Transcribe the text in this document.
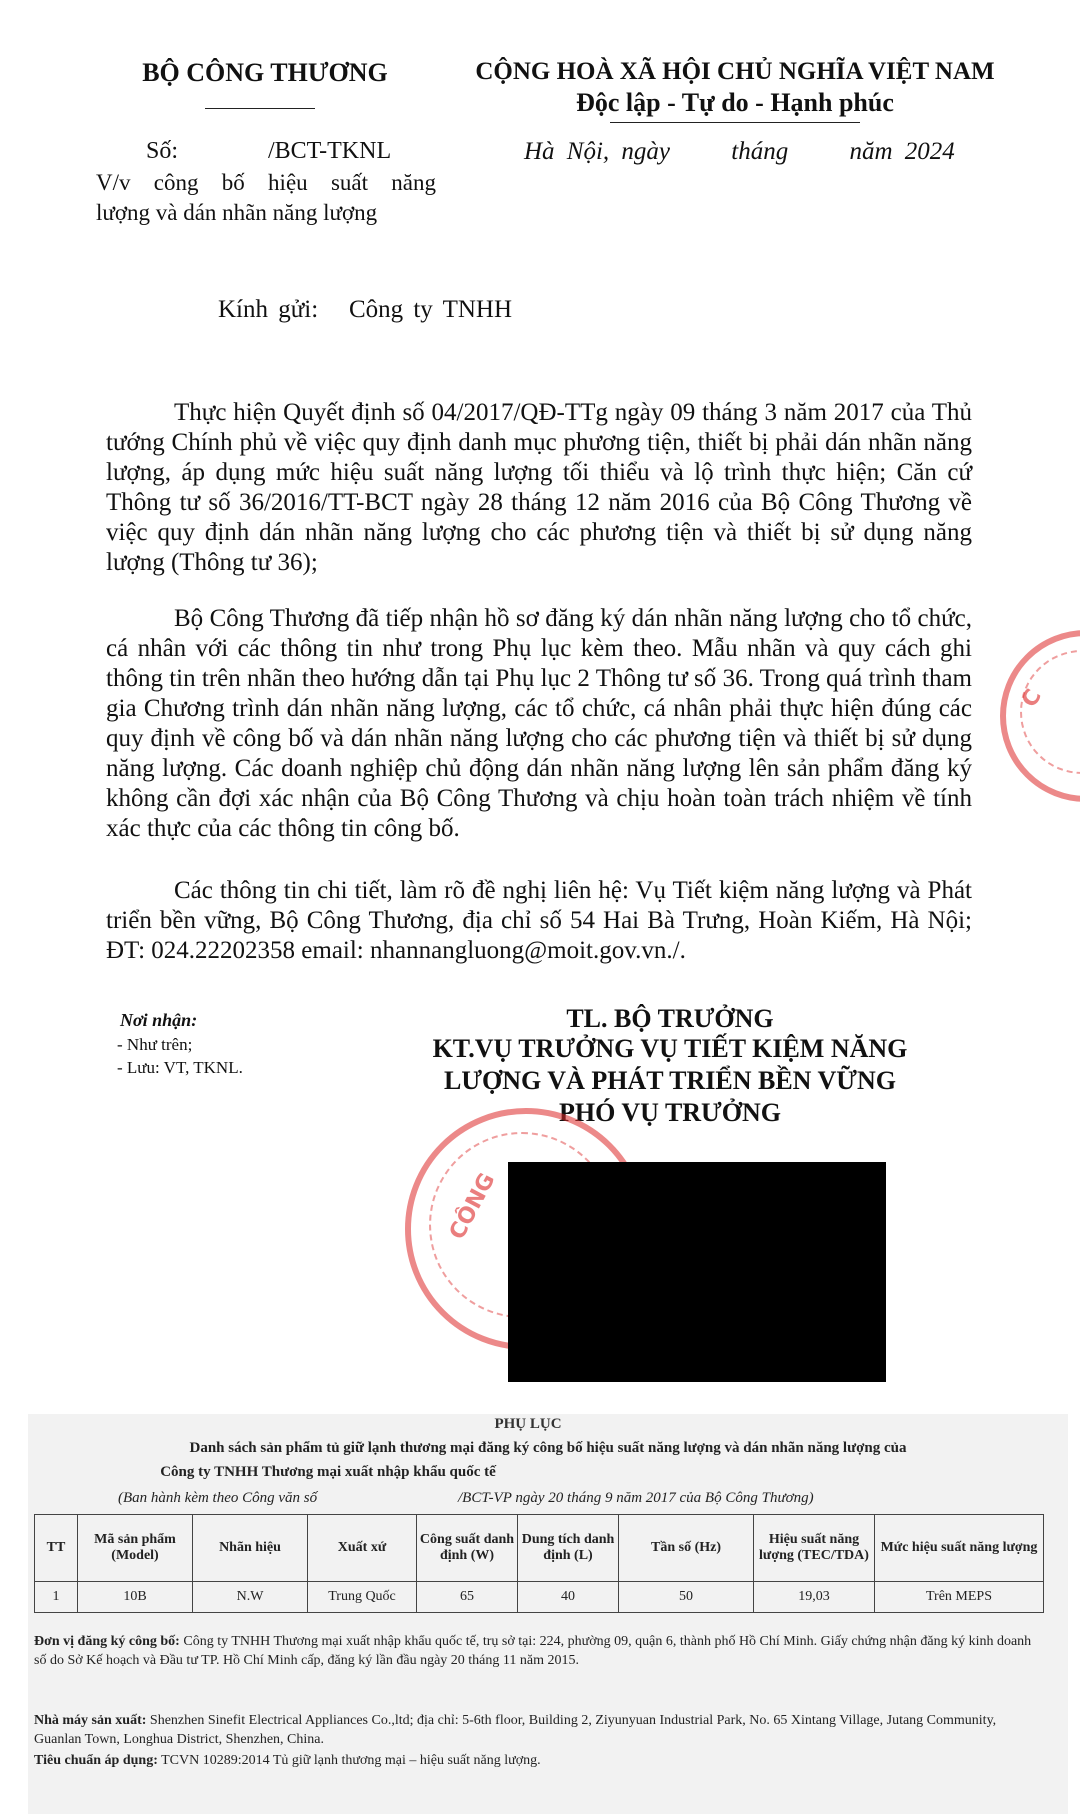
BỘ CÔNG THƯƠNG	CỘNG HOÀ XÃ HỘI CHỦ NGHĨA VIỆT NAM
Độc lập - Tự do - Hạnh phúc
Số:	/BCT-TKNL	Hà Nội, ngày     tháng     năm 2024
V/v công bố hiệu suất năng
lượng và dán nhãn năng lượng
Kính gửi:   Công ty TNHH
Thực hiện Quyết định số 04/2017/QĐ-TTg ngày 09 tháng 3 năm 2017 của Thủ tướng Chính phủ về việc quy định danh mục phương tiện, thiết bị phải dán nhãn năng lượng, áp dụng mức hiệu suất năng lượng tối thiểu và lộ trình thực hiện; Căn cứ Thông tư số 36/2016/TT-BCT ngày 28 tháng 12 năm 2016 của Bộ Công Thương về việc quy định dán nhãn năng lượng cho các phương tiện và thiết bị sử dụng năng lượng (Thông tư 36);
Bộ Công Thương đã tiếp nhận hồ sơ đăng ký dán nhãn năng lượng cho tổ chức, cá nhân với các thông tin như trong Phụ lục kèm theo. Mẫu nhãn và quy cách ghi thông tin trên nhãn theo hướng dẫn tại Phụ lục 2 Thông tư số 36. Trong quá trình tham gia Chương trình dán nhãn năng lượng, các tổ chức, cá nhân phải thực hiện đúng các quy định về công bố và dán nhãn năng lượng cho các phương tiện và thiết bị sử dụng năng lượng. Các doanh nghiệp chủ động dán nhãn năng lượng lên sản phẩm đăng ký không cần đợi xác nhận của Bộ Công Thương và chịu hoàn toàn trách nhiệm về tính xác thực của các thông tin công bố.
Các thông tin chi tiết, làm rõ đề nghị liên hệ: Vụ Tiết kiệm năng lượng và Phát triển bền vững, Bộ Công Thương, địa chỉ số 54 Hai Bà Trưng, Hoàn Kiếm, Hà Nội; ĐT: 024.22202358 email: nhannangluong@moit.gov.vn./.
C
Nơi nhận:
- Như trên;
- Lưu: VT, TKNL.
TL. BỘ TRƯỞNG
KT.VỤ TRƯỞNG VỤ TIẾT KIỆM NĂNG
LƯỢNG VÀ PHÁT TRIỂN BỀN VỮNG
PHÓ VỤ TRƯỞNG
CÔNG
PHỤ LỤC
Danh sách sản phẩm tủ giữ lạnh thương mại đăng ký công bố hiệu suất năng lượng và dán nhãn năng lượng của
Công ty TNHH Thương mại xuất nhập khẩu quốc tế
(Ban hành kèm theo Công văn số	/BCT-VP ngày 20 tháng 9 năm 2017 của Bộ Công Thương)
TT	Mã sản phẩm (Model)	Nhãn hiệu	Xuất xứ	Công suất danh định (W)	Dung tích danh định (L)	Tần số (Hz)	Hiệu suất năng lượng (TEC/TDA)	Mức hiệu suất năng lượng
1	10B	N.W	Trung Quốc	65	40	50	19,03	Trên MEPS
Đơn vị đăng ký công bố: Công ty TNHH Thương mại xuất nhập khẩu quốc tế, trụ sở tại: 224, phường 09, quận 6, thành phố Hồ Chí Minh. Giấy chứng nhận đăng ký kinh doanh số do Sở Kế hoạch và Đầu tư TP. Hồ Chí Minh cấp, đăng ký lần đầu ngày 20 tháng 11 năm 2015.
Nhà máy sản xuất: Shenzhen Sinefit Electrical Appliances Co.,ltd; địa chỉ: 5-6th floor, Building 2, Ziyunyuan Industrial Park, No. 65 Xintang Village, Jutang Community, Guanlan Town, Longhua District, Shenzhen, China.
Tiêu chuẩn áp dụng: TCVN 10289:2014 Tủ giữ lạnh thương mại – hiệu suất năng lượng.
